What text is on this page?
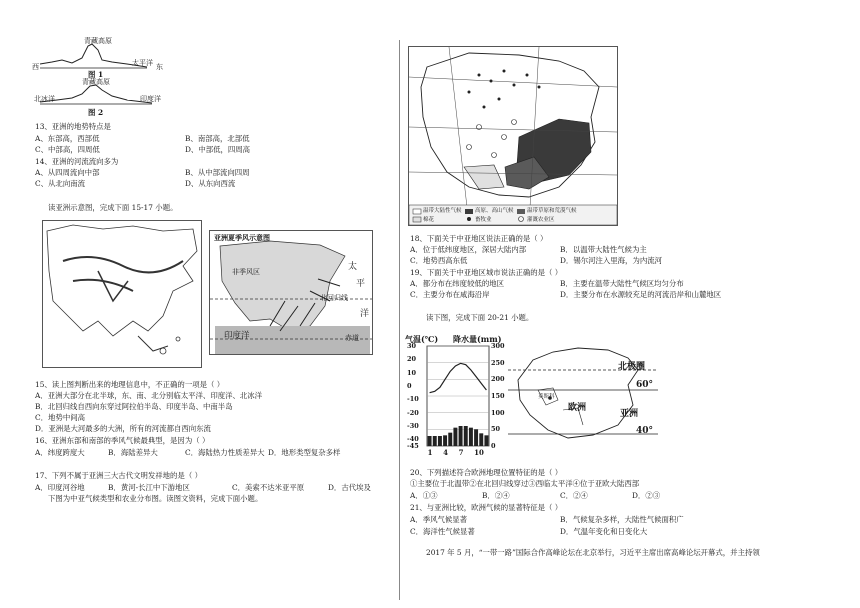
西
青藏高原
太平洋 东
图 1
北冰洋
青藏高原
印度洋
图 2
13、亚洲的地势特点是
A、东部高，西部低	B、南部高，北部低
C、中部高，四周低	D、中部低，四周高
14、亚洲的河流流向多为
A、从四周流向中部	B、从中部流向四周
C、从北向南流	D、从东向西流
读亚洲示意图，完成下面 15-17 小题。
亚洲夏季风示意图
非季风区	太
平
洋
北回归线
赤道
印度洋
15、读上图判断出来的地理信息中，不正确的一项是（ ）
A．亚洲大部分在北半球，东、南、北分别临太平洋、印度洋、北冰洋
B．北回归线自西向东穿过阿拉伯半岛、印度半岛、中南半岛
C．地势中间高
D．亚洲是大河最多的大洲，所有的河流都自西向东流
16、亚洲东部和南部的季风气候最典型，是因为（ ）
A．纬度跨度大	B．海陆差异大	C．海陆热力性质差异大 D．地形类型复杂多样
17、下列不属于亚洲三大古代文明发祥地的是（ ）
A．印度河谷地	B．黄河-长江中下游地区	C．美索不达米亚平原	D．古代埃及
下图为中亚气候类型和农业分布图。读图文资料，完成下面小题。
温带大陆性气候 高原、高山气候 温带草原和荒漠气候
棉花	畜牧业	灌溉农业区
18、下面关于中亚地区说法正确的是（ ）
A．位于低纬度地区，深居大陆内部	B．以温带大陆性气候为主
C．地势西高东低	D．锡尔河注入里海，为内流河
19、下面关于中亚地区城市说法正确的是（ ）
A．都分布在纬度较低的地区	B．主要在温带大陆性气候区均匀分布
C．主要分布在咸海沿岸	D．主要分布在水源较充足的河流沿岸和山麓地区
读下图，完成下面 20-21 小题。
气温(℃) 降水量(mm)
30
20
10
0
-10
-20
-30
-40
-45
300
250
200
150
100
50
0
1 4 7 10
北极圈
60°
欧洲
亚洲
40°
莫斯科
20、下列描述符合欧洲地理位置特征的是（ ）
①主要位于北温带②在北回归线穿过③西临太平洋④位于亚欧大陆西部
A．①③	B．②④	C．②④	D．②③
21、与亚洲比较，欧洲气候的显著特征是（ ）
A．季风气候显著	B．气候复杂多样，大陆性气候面积广
C．海洋性气候显著	D．气温年变化和日变化大
2017 年 5 月，“一带一路”国际合作高峰论坛在北京举行，习近平主席出席高峰论坛开幕式，并主持领
